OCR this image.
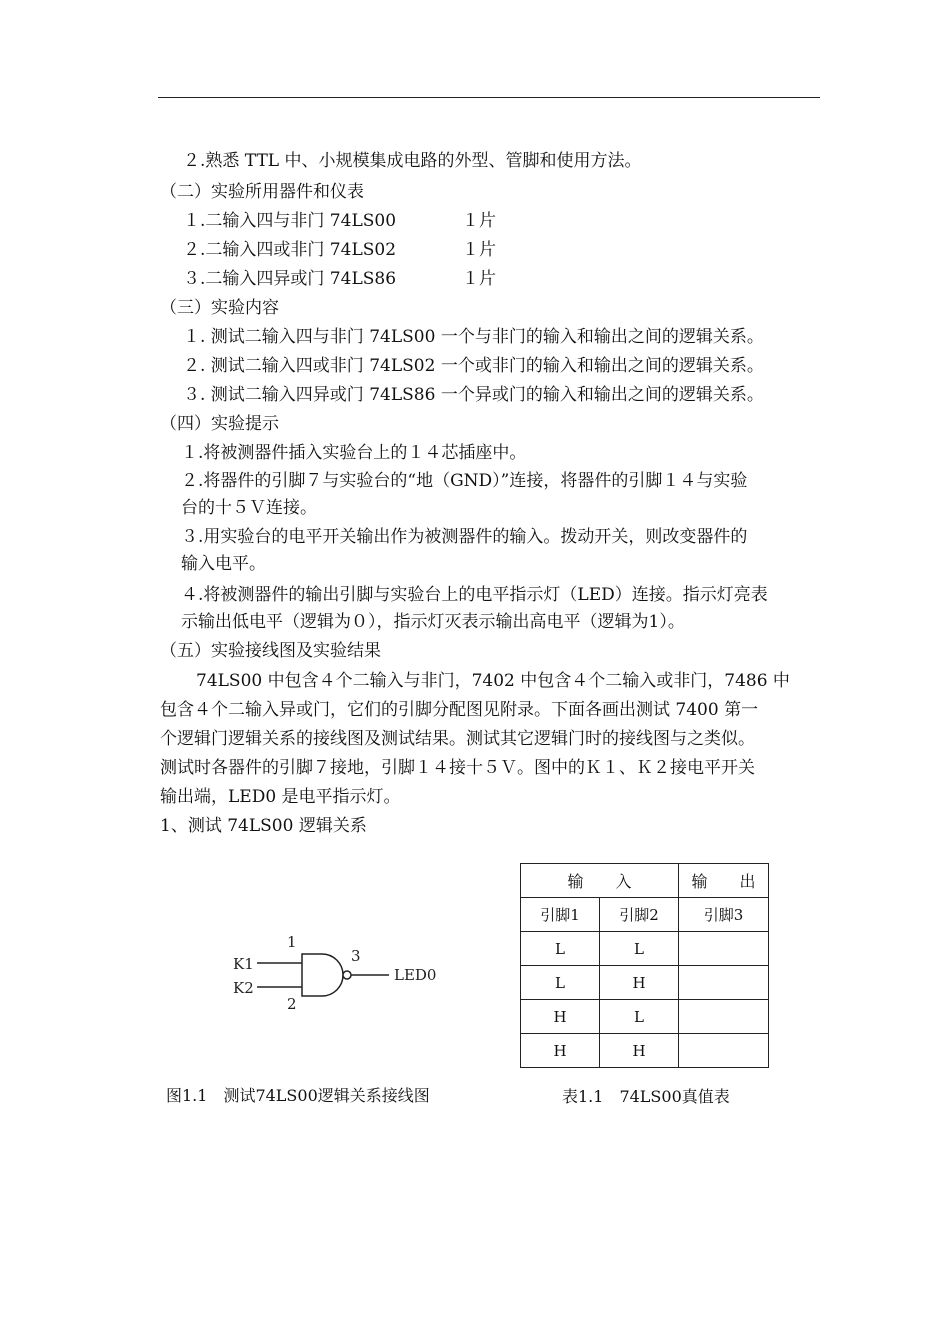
２.熟悉 TTL 中、小规模集成电路的外型、管脚和使用方法。
（二）实验所用器件和仪表
１.二输入四与非门 74LS00	１片
２.二输入四或非门 74LS02	１片
３.二输入四异或门 74LS86	１片
（三）实验内容
１. 测试二输入四与非门 74LS00 一个与非门的输入和输出之间的逻辑关系。
２. 测试二输入四或非门 74LS02 一个或非门的输入和输出之间的逻辑关系。
３. 测试二输入四异或门 74LS86 一个异或门的输入和输出之间的逻辑关系。
（四）实验提示
１.将被测器件插入实验台上的１４芯插座中。
２.将器件的引脚７与实验台的“地（GND）”连接，将器件的引脚１４与实验
台的十５Ｖ连接。
３.用实验台的电平开关输出作为被测器件的输入。拨动开关，则改变器件的
输入电平。
４.将被测器件的输出引脚与实验台上的电平指示灯（LED）连接。指示灯亮表
示输出低电平（逻辑为０），指示灯灭表示输出高电平（逻辑为1）。
（五）实验接线图及实验结果
74LS00 中包含４个二输入与非门，7402 中包含４个二输入或非门，7486 中
包含４个二输入异或门，它们的引脚分配图见附录。下面各画出测试 7400 第一
个逻辑门逻辑关系的接线图及测试结果。测试其它逻辑门时的接线图与之类似。
测试时各器件的引脚７接地，引脚１４接十５Ｖ。图中的Ｋ１、Ｋ２接电平开关
输出端，LED0 是电平指示灯。
1、测试 74LS00 逻辑关系
K1
K2
1
2
3
LED0
图1.1　测试74LS00逻辑关系接线图
输　　入		输　　出
引脚1	引脚2	引脚3
L	L	
L	H	
H	L	
H	H	
表1.1　74LS00真值表
